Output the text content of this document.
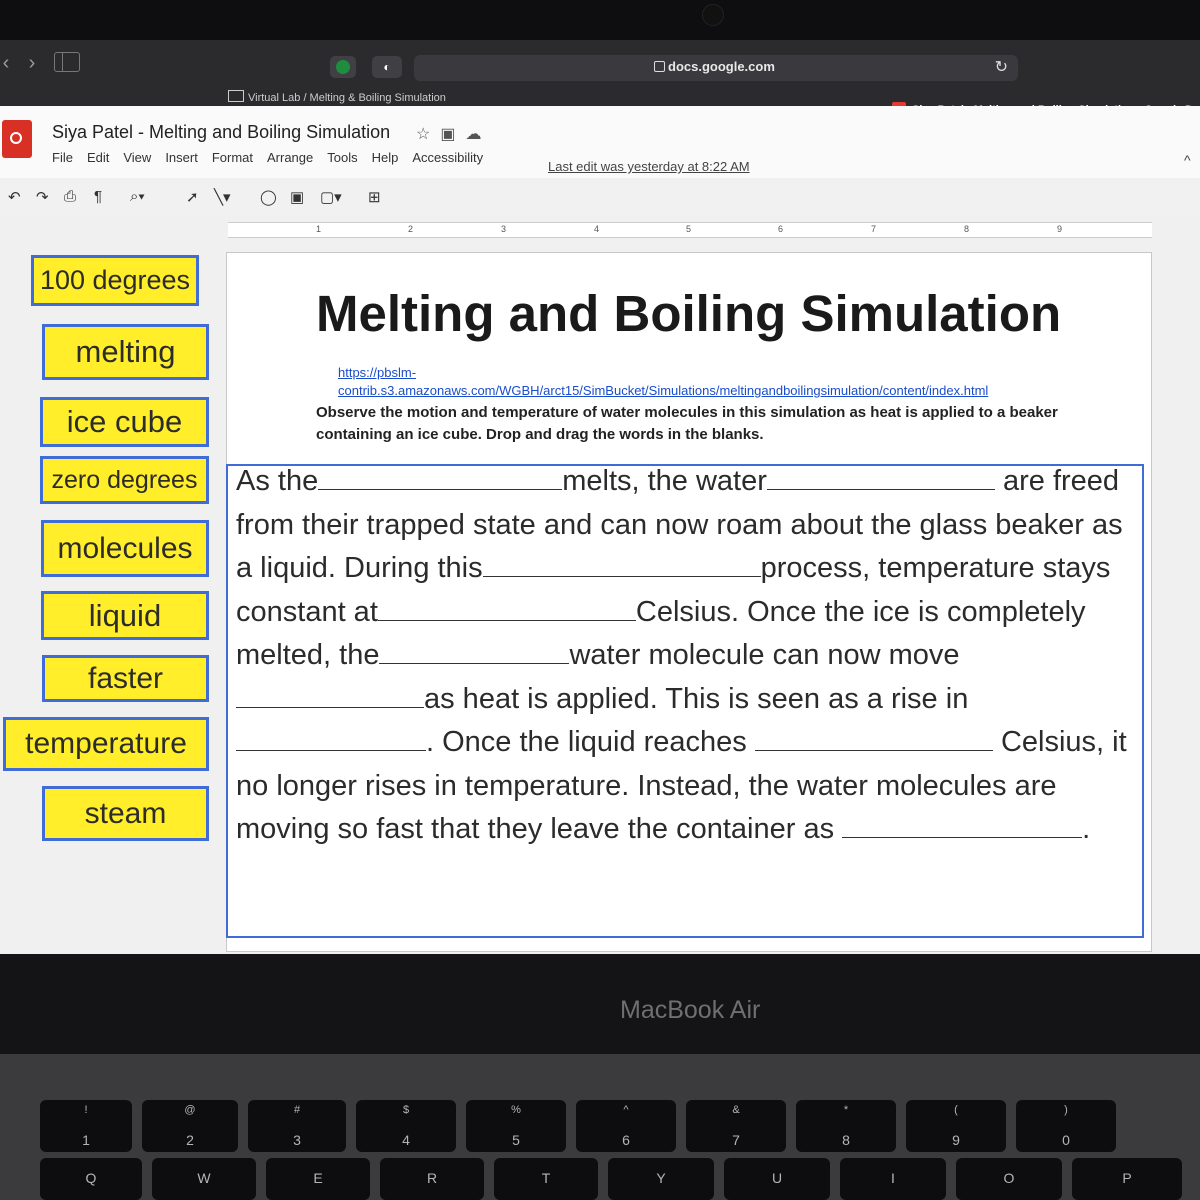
‹ ›	◐	docs.google.com	↻
Virtual Lab / Melting & Boiling Simulation
Siya Patel - Melting and Boiling Simulation ☆▣☁
File Edit View Insert Format Arrange Tools Help Accessibility
Last edit was yesterday at 8:22 AM	^
↶ ↷ ⎙ ¶ ⌕▾	➚ ╲▾ ◯ ▣ ▢▾ ⊞
1	2	3	4	5	6	7	8	9
100 degrees
melting
ice cube
zero degrees
molecules
liquid
faster
temperature
steam
Melting and Boiling Simulation
https://pbslm-contrib.s3.amazonaws.com/WGBH/arct15/SimBucket/Simulations/meltingandboilingsimulation/content/index.html
Observe the motion and temperature of water molecules in this simulation as heat is applied to a beaker containing an ice cube. Drop and drag the words in the blanks.
As the	melts, the water	are freed from their trapped state and can now roam about the glass beaker as a liquid. During this	process, temperature stays constant at	Celsius. Once the ice is completely melted, the	water molecule can now moveas heat is applied. This is seen as a rise in . Once the liquid reaches	Celsius, it no longer rises in temperature. Instead, the water molecules are moving so fast that they leave the container as	.
MacBook Air
!
1
@
2
#
3
$
4
%
5
^
6
&
7
*
8
(
9
)
0
Q	W	E	R	T	Y	U	I	O	P
